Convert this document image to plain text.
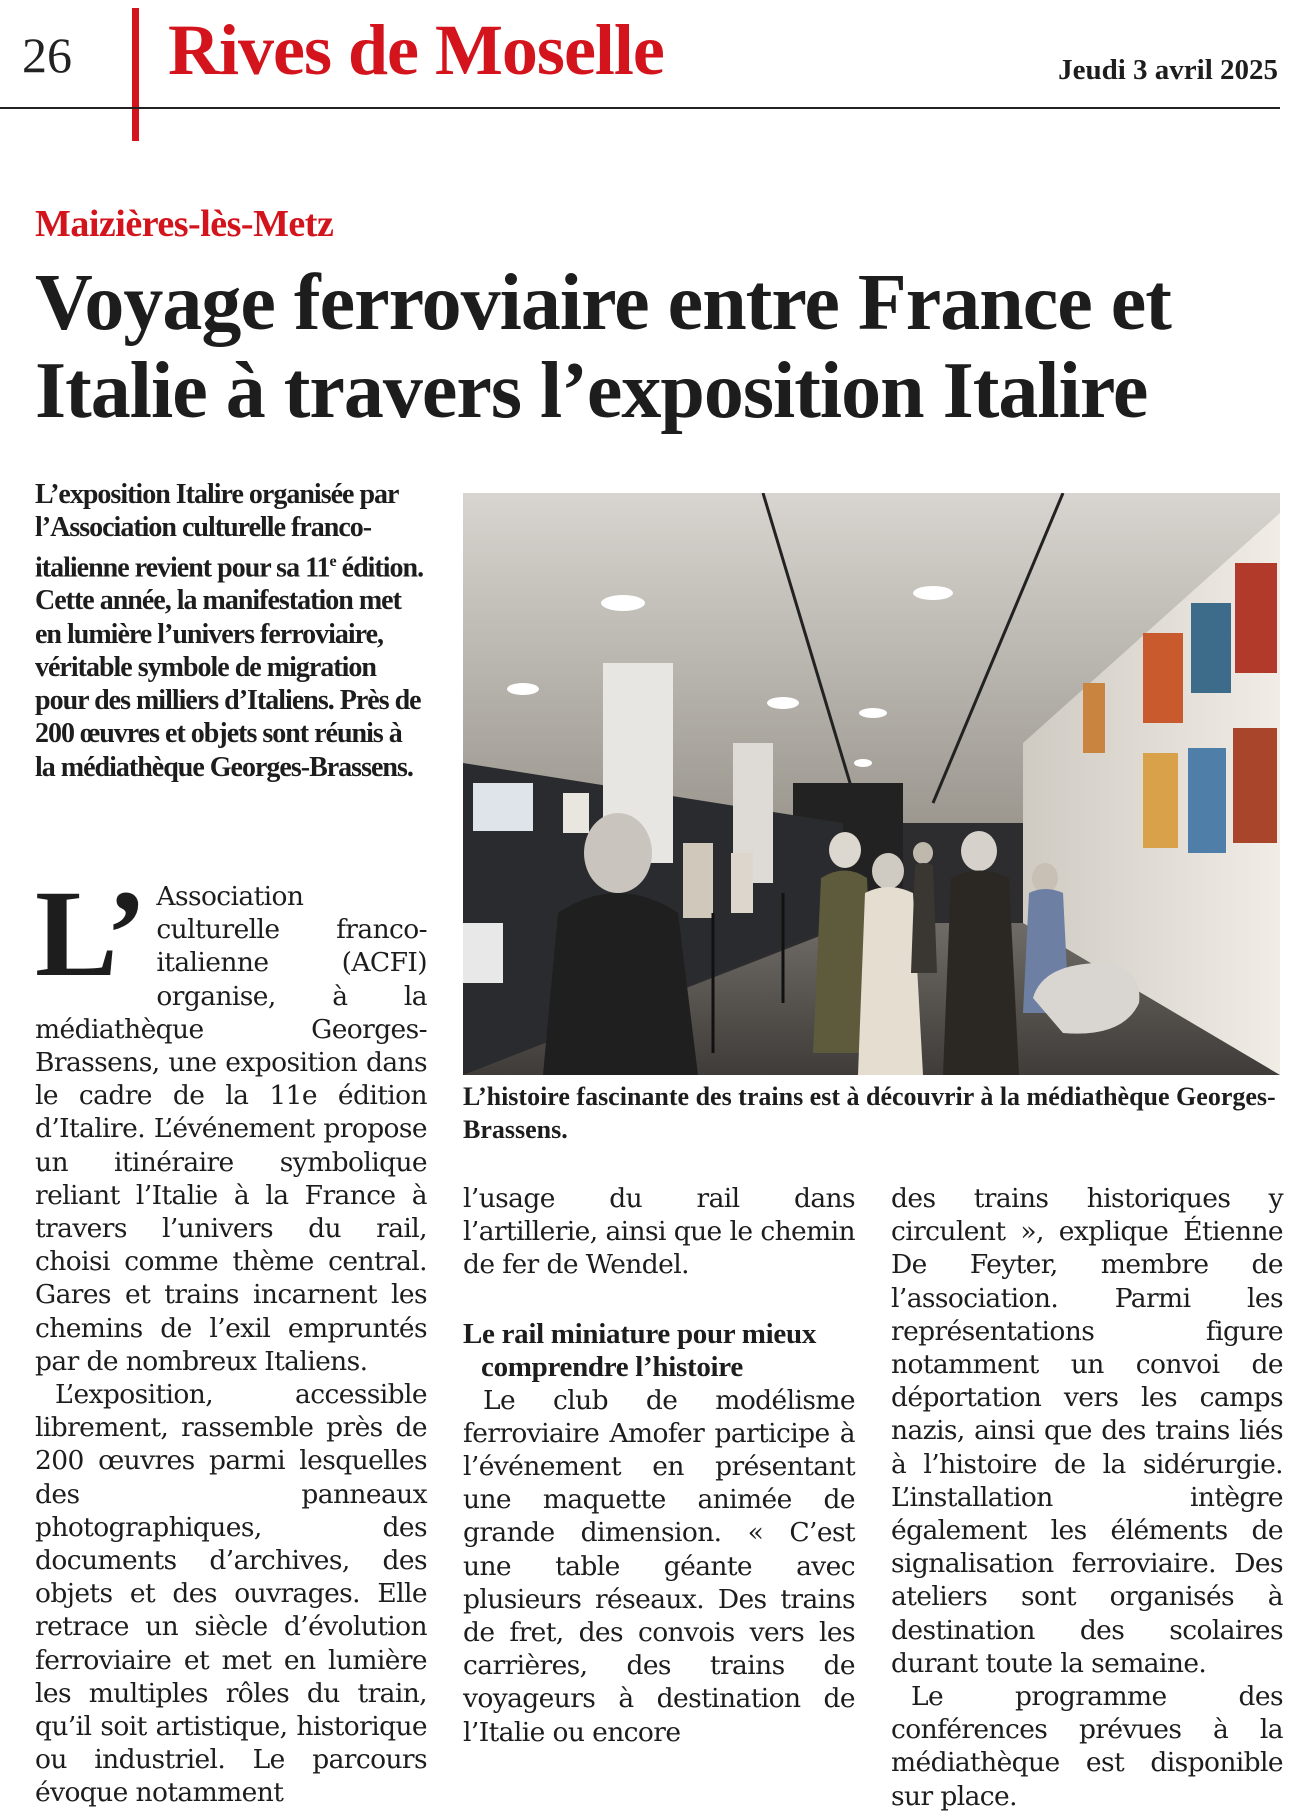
26 Rives de Moselle	Jeudi 3 avril 2025
Maizières-lès-Metz
Voyage ferroviaire entre France et Italie à travers l’exposition Italire
L’exposition Italire organisée par l’Association culturelle franco-italienne revient pour sa 11e édition. Cette année, la manifestation met en lumière l’univers ferroviaire, véritable symbole de migration pour des milliers d’Italiens. Près de 200 œuvres et objets sont réunis à la médiathèque Georges-Brassens.
L’histoire fascinante des trains est à découvrir à la médiathèque Georges-Brassens.
L’ Association culturelle franco-italienne (ACFI) organise, à la médiathèque Georges-Brassens, une exposition dans le cadre de la 11e édition d’Italire. L’événement propose un itinéraire symbolique reliant l’Italie à la France à travers l’univers du rail, choisi comme thème central. Gares et trains incarnent les chemins de l’exil empruntés par de nombreux Italiens.

L’exposition, accessible librement, rassemble près de 200 œuvres parmi lesquelles des panneaux photographiques, des documents d’archives, des objets et des ouvrages. Elle retrace un siècle d’évolution ferroviaire et met en lumière les multiples rôles du train, qu’il soit artistique, historique ou industriel. Le parcours évoque notamment

l’usage du rail dans l’artillerie, ainsi que le chemin de fer de Wendel.

Le rail miniature pour mieux comprendre l’histoire

Le club de modélisme ferroviaire Amofer participe à l’événement en présentant une maquette animée de grande dimension. « C’est une table géante avec plusieurs réseaux. Des trains de fret, des convois vers les carrières, des trains de voyageurs à destination de l’Italie ou encore

des trains historiques y circulent », explique Étienne De Feyter, membre de l’association. Parmi les représentations figure notamment un convoi de déportation vers les camps nazis, ainsi que des trains liés à l’histoire de la sidérurgie. L’installation intègre également les éléments de signalisation ferroviaire. Des ateliers sont organisés à destination des scolaires durant toute la semaine.

Le programme des conférences prévues à la médiathèque est disponible sur place.
